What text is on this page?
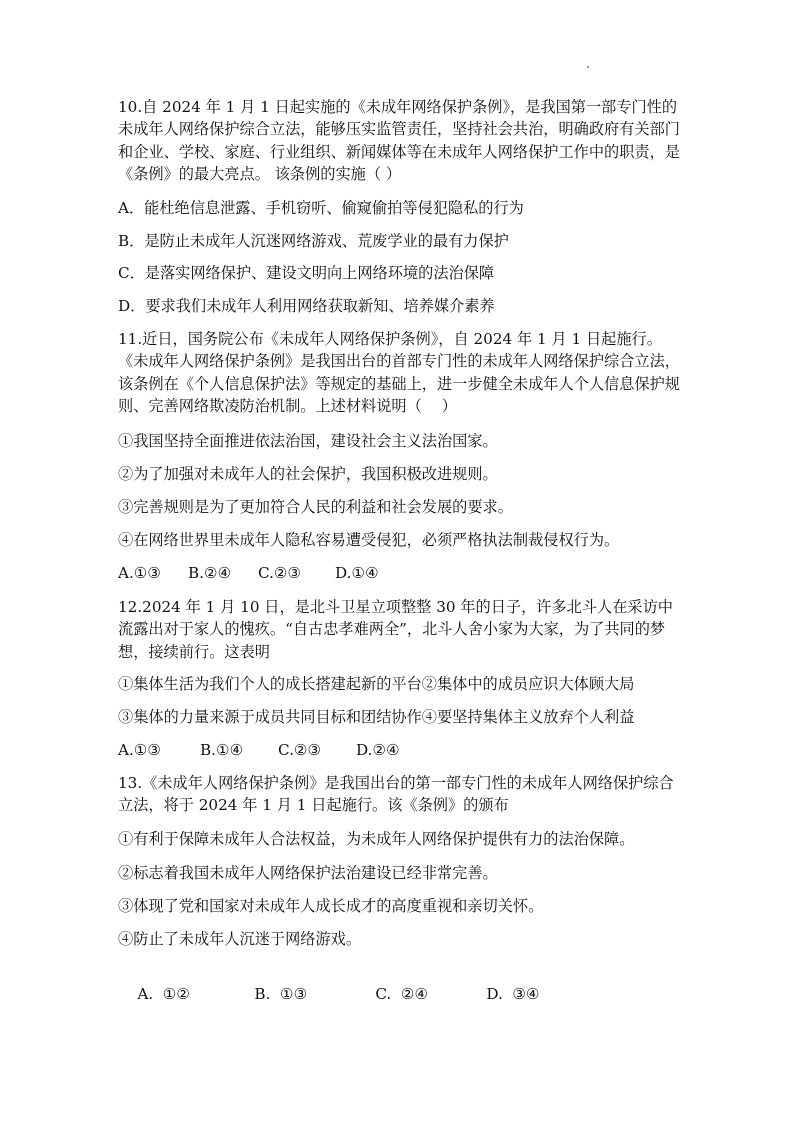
10.自 2024 年 1 月 1 日起实施的《未成年网络保护条例》，是我国第一部专门性的未成年人网络保护综合立法，能够压实监管责任，坚持社会共治，明确政府有关部门和企业、学校、家庭、行业组织、新闻媒体等在未成年人网络保护工作中的职责，是《条例》的最大亮点。 该条例的实施（ ）
A．能杜绝信息泄露、手机窃听、偷窥偷拍等侵犯隐私的行为
B．是防止未成年人沉迷网络游戏、荒废学业的最有力保护
C．是落实网络保护、建设文明向上网络环境的法治保障
D．要求我们未成年人利用网络获取新知、培养媒介素养
11.近日，国务院公布《未成年人网络保护条例》，自 2024 年 1 月 1 日起施行。《未成年人网络保护条例》是我国出台的首部专门性的未成年人网络保护综合立法，该条例在《个人信息保护法》等规定的基础上，进一步健全未成年人个人信息保护规则、完善网络欺凌防治机制。上述材料说明（　 ）
①我国坚持全面推进依法治国，建设社会主义法治国家。
②为了加强对未成年人的社会保护，我国积极改进规则。
③完善规则是为了更加符合人民的利益和社会发展的要求。
④在网络世界里未成年人隐私容易遭受侵犯，必须严格执法制裁侵权行为。
A.①③ B.②④ C.②③ D.①④
12.2024 年 1 月 10 日，是北斗卫星立项整整 30 年的日子，许多北斗人在采访中流露出对于家人的愧疚。“自古忠孝难两全”，北斗人舍小家为大家，为了共同的梦想，接续前行。这表明
①集体生活为我们个人的成长搭建起新的平台②集体中的成员应识大体顾大局
③集体的力量来源于成员共同目标和团结协作④要坚持集体主义放弃个人利益
A.①③	B.①④ C.②③ D.②④
13.《未成年人网络保护条例》是我国出台的第一部专门性的未成年人网络保护综合立法，将于 2024 年 1 月 1 日起施行。该《条例》的颁布
①有利于保障未成年人合法权益，为未成年人网络保护提供有力的法治保障。
②标志着我国未成年人网络保护法治建设已经非常完善。
③体现了党和国家对未成年人成长成才的高度重视和亲切关怀。
④防止了未成年人沉迷于网络游戏。

A.  ①②	B.  ①③	C.  ②④	D.  ③④
